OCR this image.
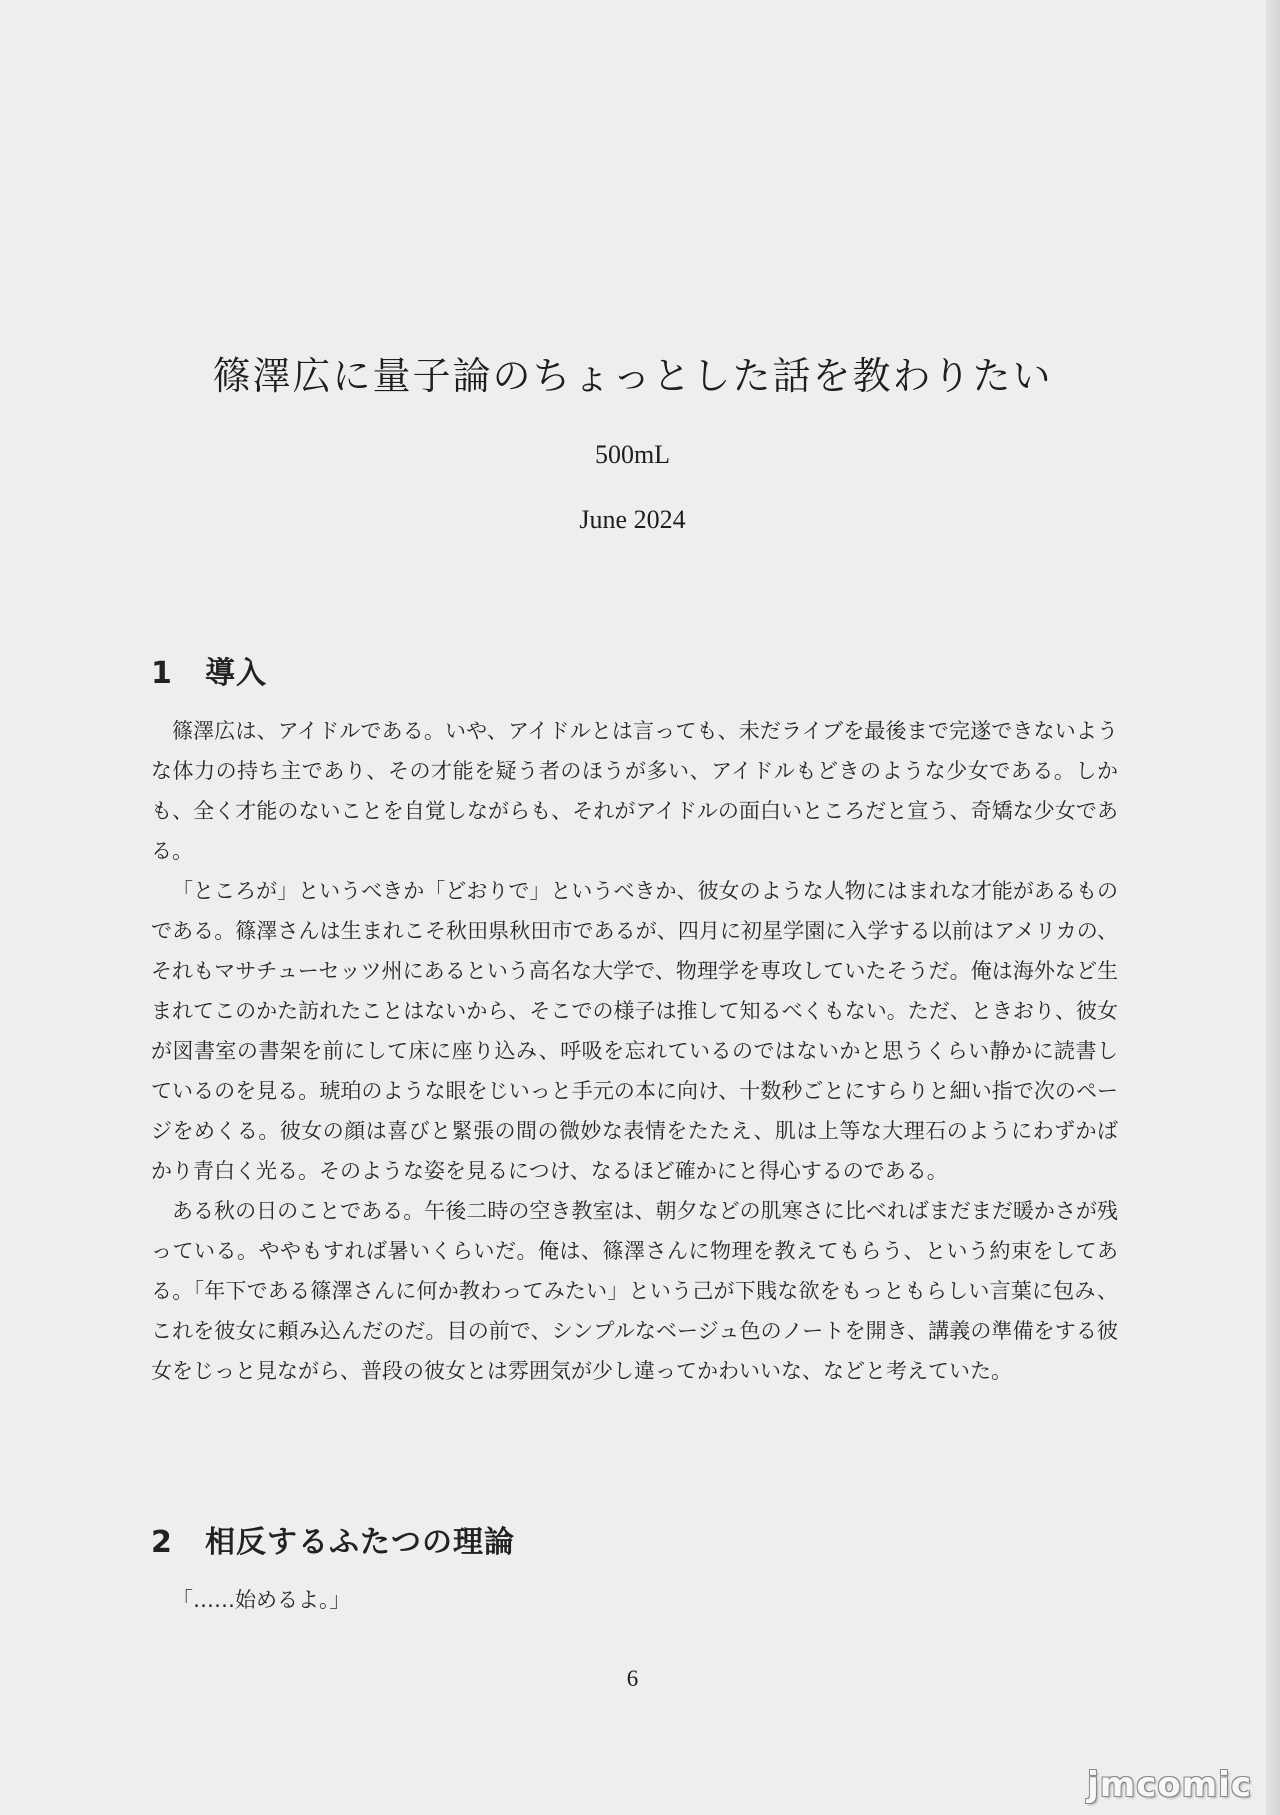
篠澤広に量子論のちょっとした話を教わりたい
500mL
June 2024
1 導入

篠澤広は、アイドルである。いや、アイドルとは言っても、未だライブを最後まで完遂できないような体力の持ち主であり、その才能を疑う者のほうが多い、アイドルもどきのような少女である。しかも、全く才能のないことを自覚しながらも、それがアイドルの面白いところだと宣う、奇矯な少女である。

「ところが」というべきか「どおりで」というべきか、彼女のような人物にはまれな才能があるものである。篠澤さんは生まれこそ秋田県秋田市であるが、四月に初星学園に入学する以前はアメリカの、それもマサチューセッツ州にあるという高名な大学で、物理学を専攻していたそうだ。俺は海外など生まれてこのかた訪れたことはないから、そこでの様子は推して知るべくもない。ただ、ときおり、彼女が図書室の書架を前にして床に座り込み、呼吸を忘れているのではないかと思うくらい静かに読書しているのを見る。琥珀のような眼をじいっと手元の本に向け、十数秒ごとにすらりと細い指で次のページをめくる。彼女の顔は喜びと緊張の間の微妙な表情をたたえ、肌は上等な大理石のようにわずかばかり青白く光る。そのような姿を見るにつけ、なるほど確かにと得心するのである。

ある秋の日のことである。午後二時の空き教室は、朝夕などの肌寒さに比べればまだまだ暖かさが残っている。ややもすれば暑いくらいだ。俺は、篠澤さんに物理を教えてもらう、という約束をしてある。「年下である篠澤さんに何か教わってみたい」という己が下賎な欲をもっともらしい言葉に包み、これを彼女に頼み込んだのだ。目の前で、シンプルなベージュ色のノートを開き、講義の準備をする彼女をじっと見ながら、普段の彼女とは雰囲気が少し違ってかわいいな、などと考えていた。

2 相反するふたつの理論

「……始めるよ。」

6
jmcomic
